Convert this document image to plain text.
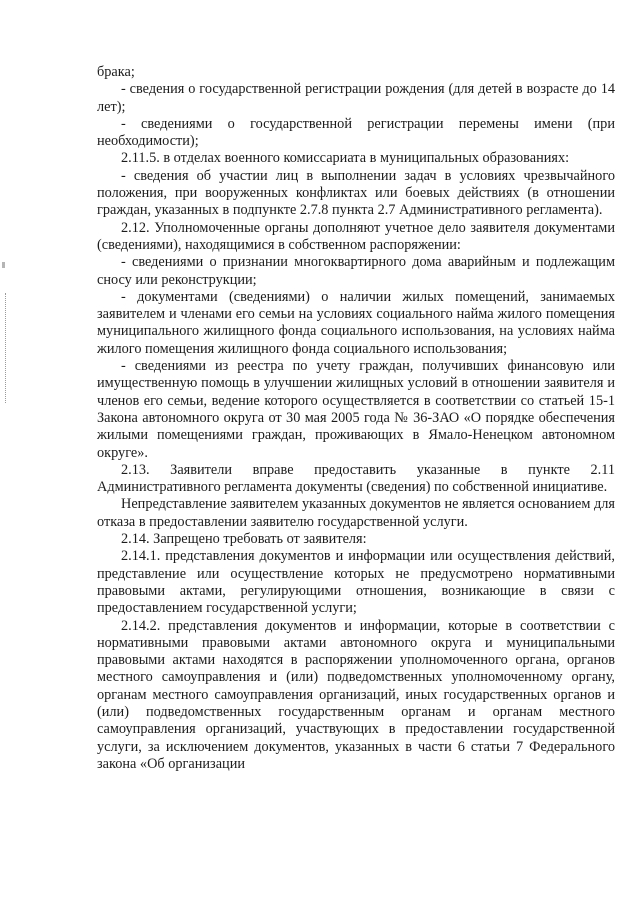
брака;

- сведения о государственной регистрации рождения (для детей в возрасте до 14 лет);

- сведениями о государственной регистрации перемены имени (при необходимости);

2.11.5. в отделах военного комиссариата в муниципальных образованиях:

- сведения об участии лиц в выполнении задач в условиях чрезвычайного положения, при вооруженных конфликтах или боевых действиях (в отношении граждан, указанных в подпункте 2.7.8 пункта 2.7 Административного регламента).

2.12. Уполномоченные органы дополняют учетное дело заявителя документами (сведениями), находящимися в собственном распоряжении:

- сведениями о признании многоквартирного дома аварийным и подлежащим сносу или реконструкции;

- документами (сведениями) о наличии жилых помещений, занимаемых заявителем и членами его семьи на условиях социального найма жилого помещения муниципального жилищного фонда социального использования, на условиях найма жилого помещения жилищного фонда социального использования;

- сведениями из реестра по учету граждан, получивших финансовую или имущественную помощь в улучшении жилищных условий в отношении заявителя и членов его семьи, ведение которого осуществляется в соответствии со статьей 15-1 Закона автономного округа от 30 мая 2005 года № 36-ЗАО «О порядке обеспечения жилыми помещениями граждан, проживающих в Ямало-Ненецком автономном округе».

2.13. Заявители вправе предоставить указанные в пункте 2.11 Административного регламента документы (сведения) по собственной инициативе.

Непредставление заявителем указанных документов не является основанием для отказа в предоставлении заявителю государственной услуги.

2.14. Запрещено требовать от заявителя:

2.14.1. представления документов и информации или осуществления действий, представление или осуществление которых не предусмотрено нормативными правовыми актами, регулирующими отношения, возникающие в связи с предоставлением государственной услуги;

2.14.2. представления документов и информации, которые в соответствии с нормативными правовыми актами автономного округа и муниципальными правовыми актами находятся в распоряжении уполномоченного органа, органов местного самоуправления и (или) подведомственных уполномоченному органу, органам местного самоуправления организаций, иных государственных органов и (или) подведомственных государственным органам и органам местного самоуправления организаций, участвующих в предоставлении государственной услуги, за исключением документов, указанных в части 6 статьи 7 Федерального закона «Об организации
